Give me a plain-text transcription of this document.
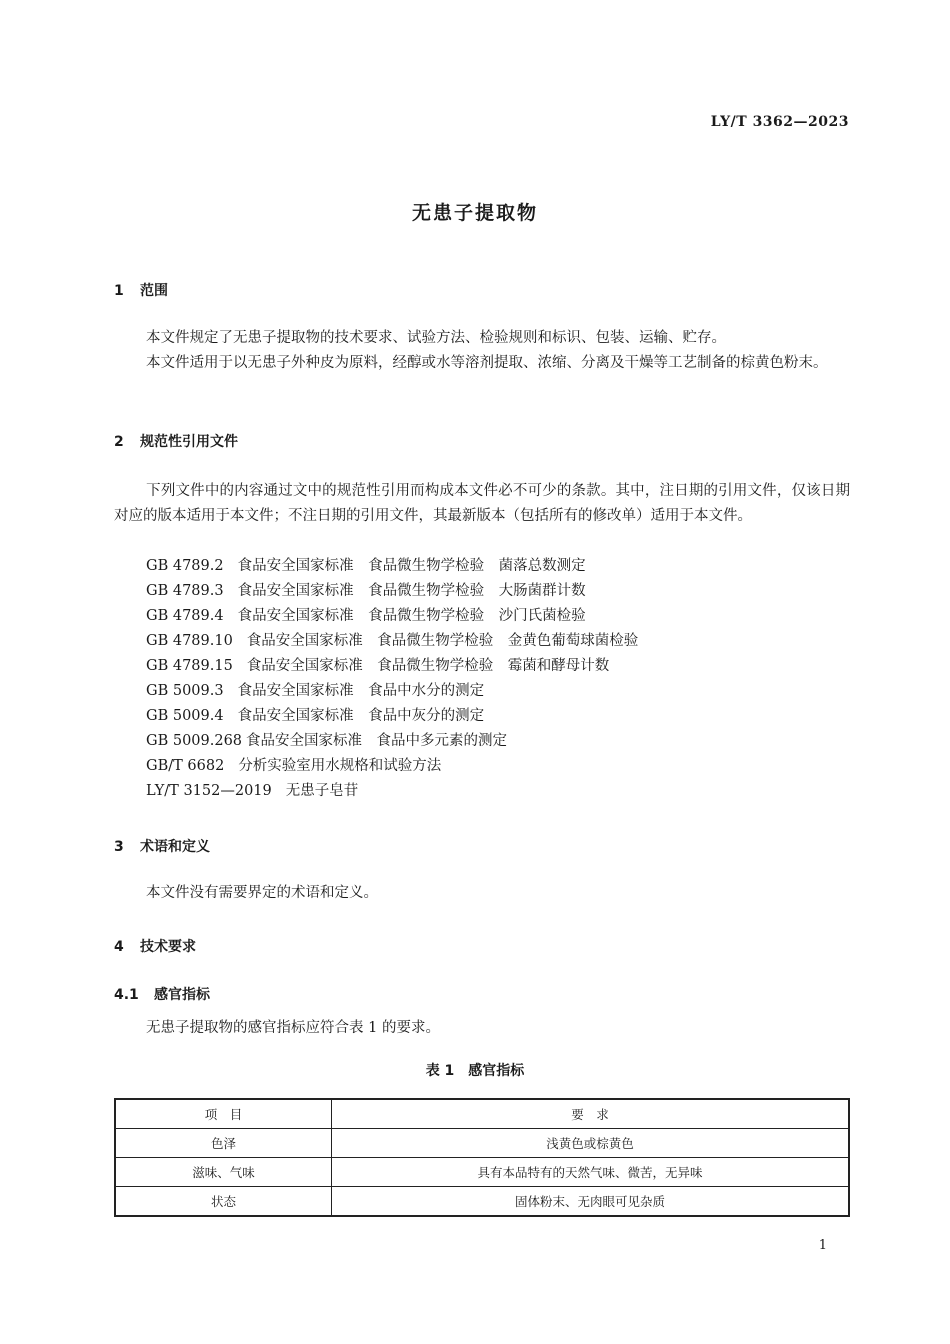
LY/T 3362—2023
无患子提取物
1 范围
本文件规定了无患子提取物的技术要求、试验方法、检验规则和标识、包装、运输、贮存。
本文件适用于以无患子外种皮为原料，经醇或水等溶剂提取、浓缩、分离及干燥等工艺制备的棕黄色粉末。
2 规范性引用文件
下列文件中的内容通过文中的规范性引用而构成本文件必不可少的条款。其中，注日期的引用文件，仅该日期对应的版本适用于本文件；不注日期的引用文件，其最新版本（包括所有的修改单）适用于本文件。
GB 4789.2 食品安全国家标准　食品微生物学检验　菌落总数测定
GB 4789.3 食品安全国家标准　食品微生物学检验　大肠菌群计数
GB 4789.4 食品安全国家标准　食品微生物学检验　沙门氏菌检验
GB 4789.10 食品安全国家标准　食品微生物学检验　金黄色葡萄球菌检验
GB 4789.15 食品安全国家标准　食品微生物学检验　霉菌和酵母计数
GB 5009.3 食品安全国家标准　食品中水分的测定
GB 5009.4 食品安全国家标准　食品中灰分的测定
GB 5009.268 食品安全国家标准　食品中多元素的测定
GB/T 6682 分析实验室用水规格和试验方法
LY/T 3152—2019 无患子皂苷
3 术语和定义
本文件没有需要界定的术语和定义。
4 技术要求
4.1 感官指标
无患子提取物的感官指标应符合表 1 的要求。
表 1　感官指标
项　目	要　求
色泽	浅黄色或棕黄色
滋味、气味	具有本品特有的天然气味、微苦，无异味
状态	固体粉末、无肉眼可见杂质
1
